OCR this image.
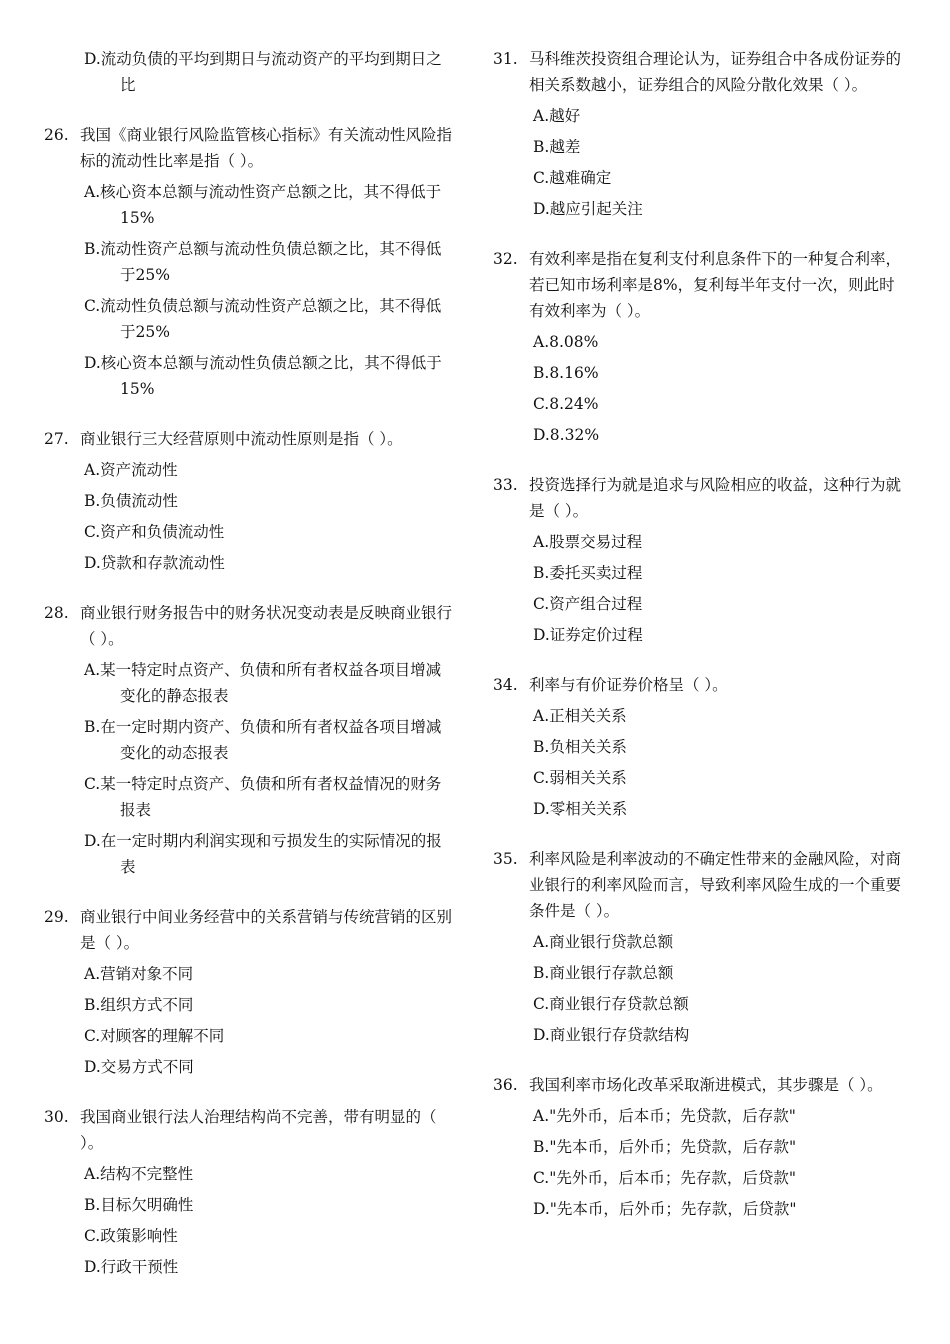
D.流动负债的平均到期日与流动资产的平均到期日之比
26. 我国《商业银行风险监管核心指标》有关流动性风险指标的流动性比率是指（ ）。
A.核心资本总额与流动性资产总额之比，其不得低于15%
B.流动性资产总额与流动性负债总额之比，其不得低于25%
C.流动性负债总额与流动性资产总额之比，其不得低于25%
D.核心资本总额与流动性负债总额之比，其不得低于15%
27. 商业银行三大经营原则中流动性原则是指（ ）。
A.资产流动性
B.负债流动性
C.资产和负债流动性
D.贷款和存款流动性
28. 商业银行财务报告中的财务状况变动表是反映商业银行（ ）。
A.某一特定时点资产、负债和所有者权益各项目增减变化的静态报表
B.在一定时期内资产、负债和所有者权益各项目增减变化的动态报表
C.某一特定时点资产、负债和所有者权益情况的财务报表
D.在一定时期内利润实现和亏损发生的实际情况的报表
29. 商业银行中间业务经营中的关系营销与传统营销的区别是（ ）。
A.营销对象不同
B.组织方式不同
C.对顾客的理解不同
D.交易方式不同
30. 我国商业银行法人治理结构尚不完善，带有明显的（ ）。
A.结构不完整性
B.目标欠明确性
C.政策影响性
D.行政干预性
31. 马科维茨投资组合理论认为，证券组合中各成份证券的相关系数越小，证券组合的风险分散化效果（ ）。
A.越好
B.越差
C.越难确定
D.越应引起关注
32. 有效利率是指在复利支付利息条件下的一种复合利率，若已知市场利率是8%，复利每半年支付一次，则此时有效利率为（ ）。
A.8.08%
B.8.16%
C.8.24%
D.8.32%
33. 投资选择行为就是追求与风险相应的收益，这种行为就是（ ）。
A.股票交易过程
B.委托买卖过程
C.资产组合过程
D.证券定价过程
34. 利率与有价证券价格呈（ ）。
A.正相关关系
B.负相关关系
C.弱相关关系
D.零相关关系
35. 利率风险是利率波动的不确定性带来的金融风险，对商业银行的利率风险而言，导致利率风险生成的一个重要条件是（ ）。
A.商业银行贷款总额
B.商业银行存款总额
C.商业银行存贷款总额
D.商业银行存贷款结构
36. 我国利率市场化改革采取渐进模式，其步骤是（ ）。
A."先外币，后本币；先贷款，后存款"
B."先本币，后外币；先贷款，后存款"
C."先外币，后本币；先存款，后贷款"
D."先本币，后外币；先存款，后贷款"
